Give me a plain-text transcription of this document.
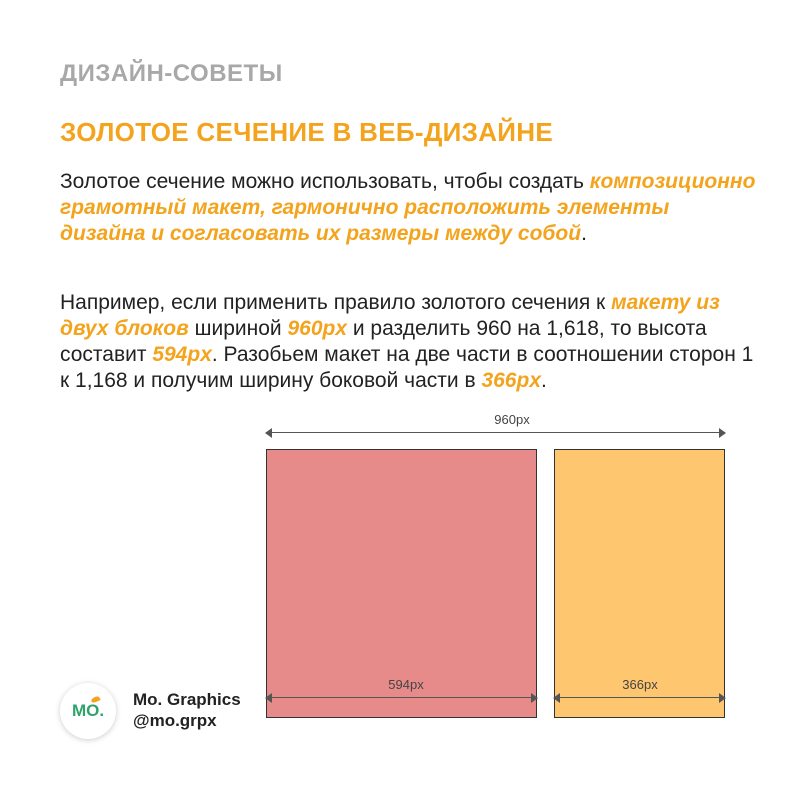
ДИЗАЙН-СОВЕТЫ
ЗОЛОТОЕ СЕЧЕНИЕ В ВЕБ-ДИЗАЙНЕ
Золотое сечение можно использовать, чтобы создать композиционно грамотный макет, гармонично расположить элементы дизайна и согласовать их размеры между собой.
Например, если применить правило золотого сечения к макету из двух блоков шириной 960px и разделить 960 на 1,618, то высота составит 594px. Разобьем макет на две части в соотношении сторон 1 к 1,168 и получим ширину боковой части в 366px.
960px
594px	366px
MO.
Mo. Graphics
@mo.grpx
